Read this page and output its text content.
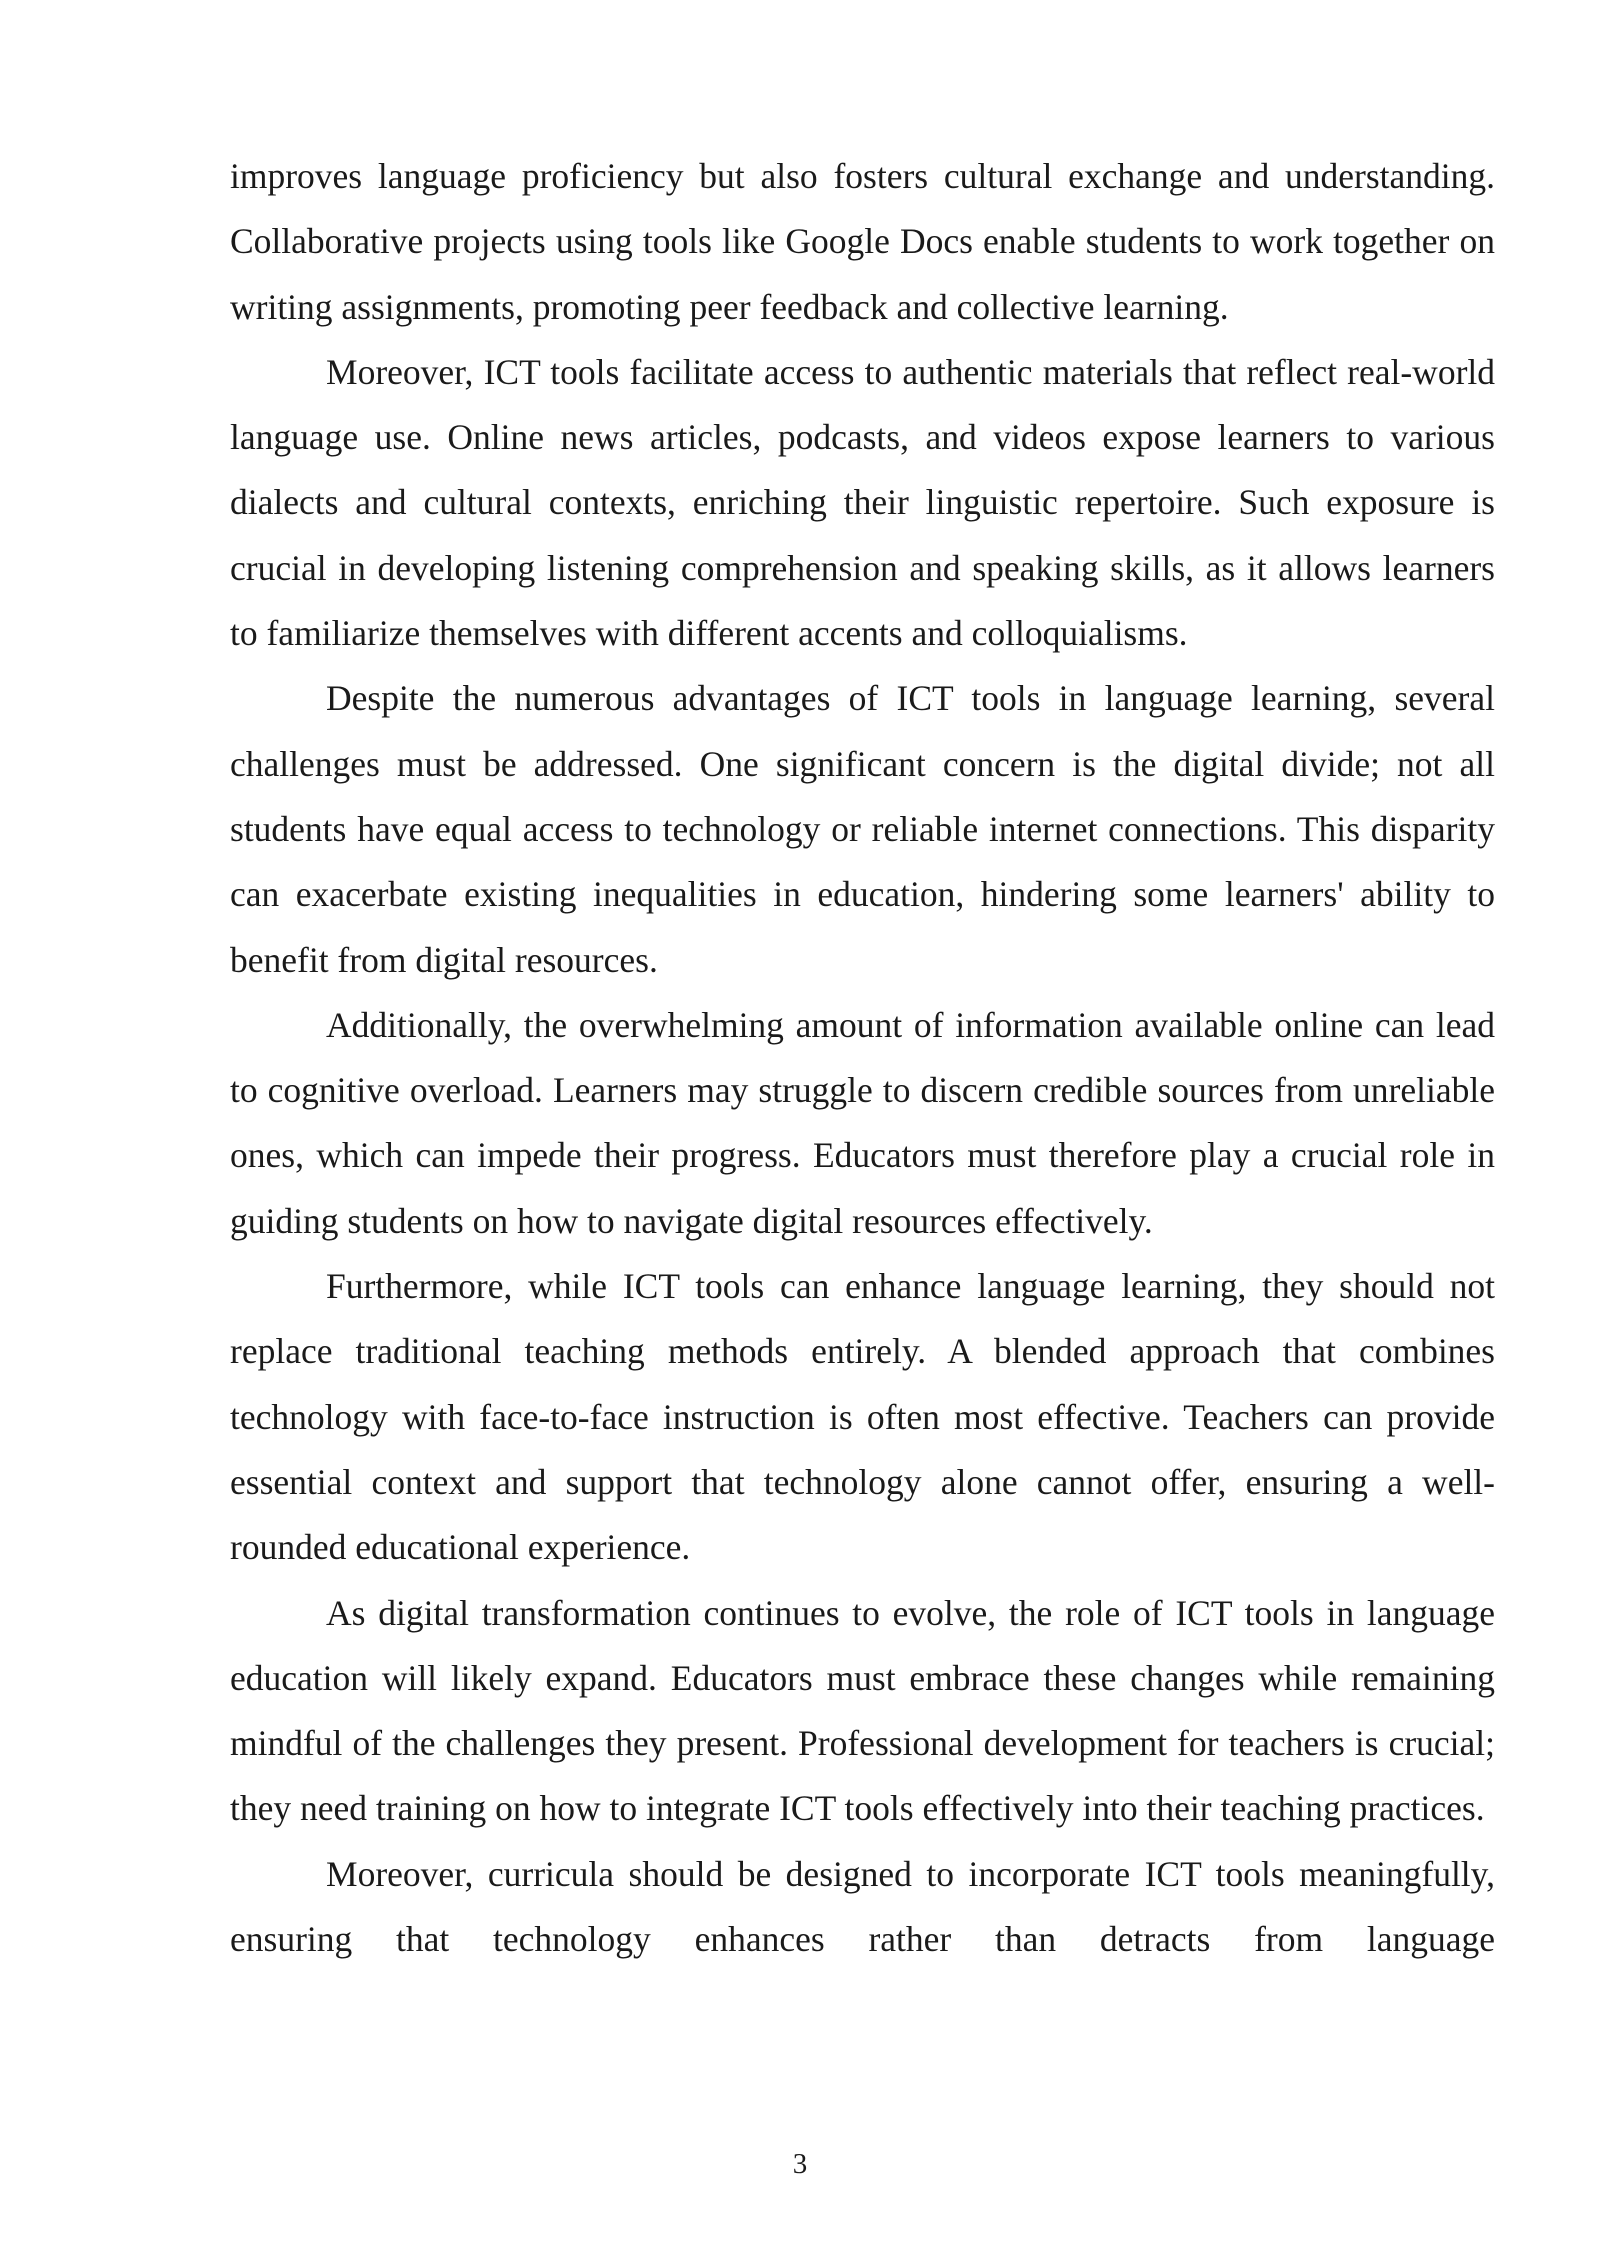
improves language proficiency but also fosters cultural exchange and understanding. Collaborative projects using tools like Google Docs enable students to work together on writing assignments, promoting peer feedback and collective learning.

Moreover, ICT tools facilitate access to authentic materials that reflect real-world language use. Online news articles, podcasts, and videos expose learners to various dialects and cultural contexts, enriching their linguistic repertoire. Such exposure is crucial in developing listening comprehension and speaking skills, as it allows learners to familiarize themselves with different accents and colloquialisms.

Despite the numerous advantages of ICT tools in language learning, several challenges must be addressed. One significant concern is the digital divide; not all students have equal access to technology or reliable internet connections. This disparity can exacerbate existing inequalities in education, hindering some learners' ability to benefit from digital resources.

Additionally, the overwhelming amount of information available online can lead to cognitive overload. Learners may struggle to discern credible sources from unreliable ones, which can impede their progress. Educators must therefore play a crucial role in guiding students on how to navigate digital resources effectively.

Furthermore, while ICT tools can enhance language learning, they should not replace traditional teaching methods entirely. A blended approach that combines technology with face-to-face instruction is often most effective. Teachers can provide essential context and support that technology alone cannot offer, ensuring a well-rounded educational experience.

As digital transformation continues to evolve, the role of ICT tools in language education will likely expand. Educators must embrace these changes while remaining mindful of the challenges they present. Professional development for teachers is crucial; they need training on how to integrate ICT tools effectively into their teaching practices.

Moreover, curricula should be designed to incorporate ICT tools meaningfully, ensuring that technology enhances rather than detracts from language

3
